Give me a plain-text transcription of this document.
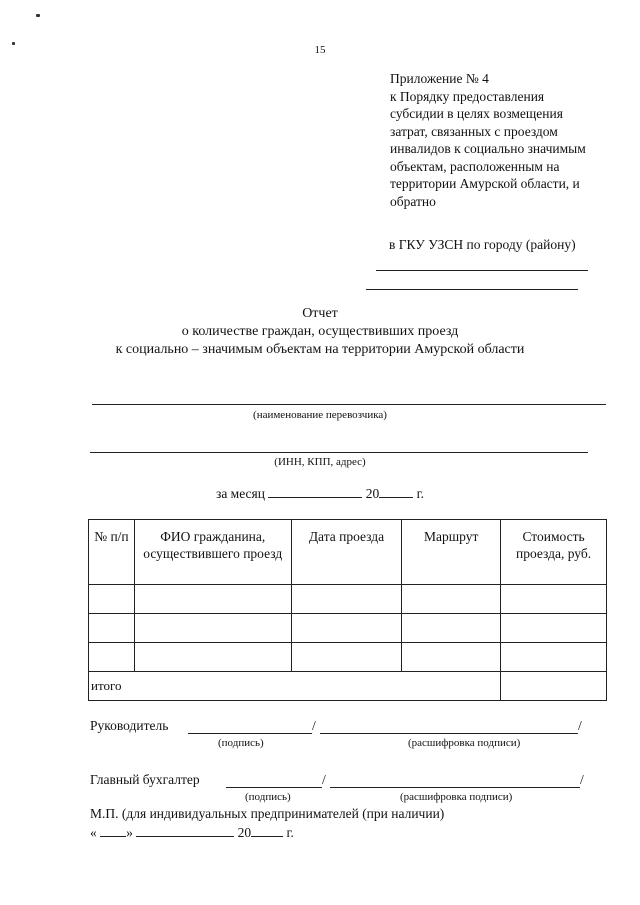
15
Приложение № 4
к Порядку предоставления
субсидии в целях возмещения
затрат, связанных с проездом
инвалидов к социально значимым
объектам, расположенным на
территории Амурской области, и
обратно
в ГКУ УЗСН по городу (району)
Отчет
о количестве граждан, осуществивших проезд
к социально – значимым объектам на территории Амурской области
(наименование перевозчика)
(ИНН, КПП, адрес)
за месяц	20	г.
№ п/п	ФИО гражданина, осуществившего проезд	Дата проезда	Маршрут	Стоимость проезда, руб.

итого				
Руководитель	/	/
(подпись)	(расшифровка подписи)
Главный бухгалтер	/	/
(подпись)	(расшифровка подписи)
М.П. (для индивидуальных предпринимателей (при наличии)
« »	20	г.
